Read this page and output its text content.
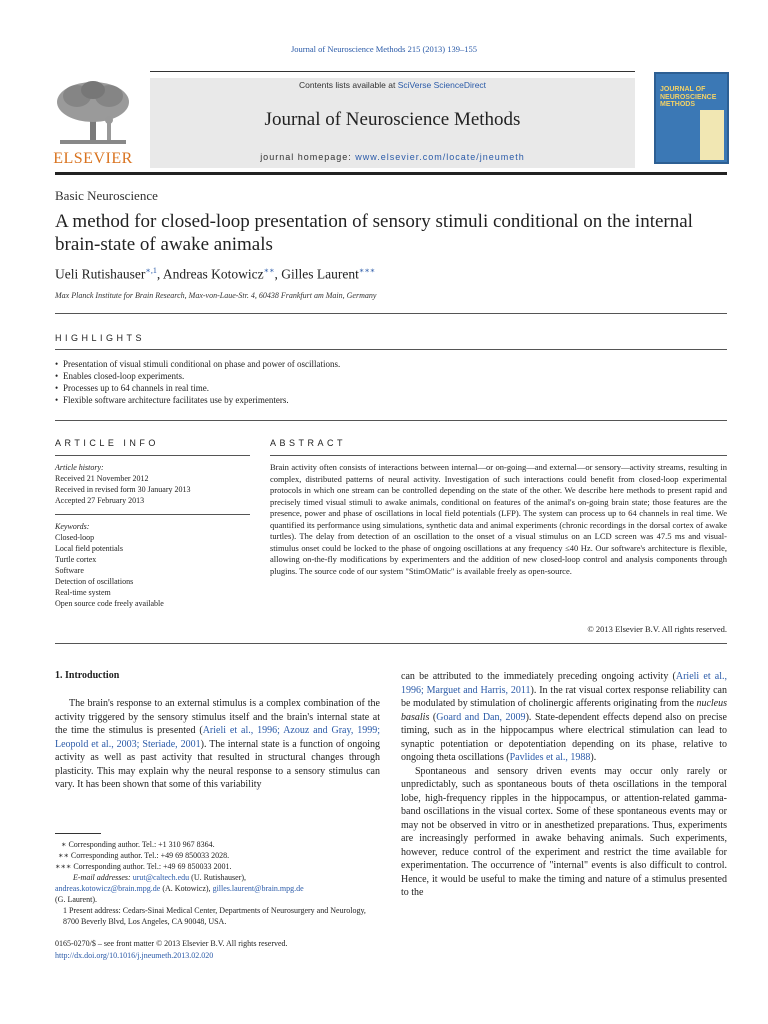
Journal of Neuroscience Methods 215 (2013) 139–155
ELSEVIER
Contents lists available at SciVerse ScienceDirect
Journal of Neuroscience Methods
journal homepage: www.elsevier.com/locate/jneumeth
JOURNAL OF NEUROSCIENCE METHODS
Basic Neuroscience
A method for closed-loop presentation of sensory stimuli conditional on the internal brain-state of awake animals
Ueli Rutishauser$^{∗,1}$, Andreas Kotowicz∗∗, Gilles Laurent∗∗∗
Max Planck Institute for Brain Research, Max-von-Laue-Str. 4, 60438 Frankfurt am Main, Germany
HIGHLIGHTS
• Presentation of visual stimuli conditional on phase and power of oscillations.
• Enables closed-loop experiments.
• Processes up to 64 channels in real time.
• Flexible software architecture facilitates use by experimenters.
ARTICLE INFO
Article history:
Received 21 November 2012
Received in revised form 30 January 2013
Accepted 27 February 2013
Keywords:
Closed-loop
Local field potentials
Turtle cortex
Software
Detection of oscillations
Real-time system
Open source code freely available
ABSTRACT
Brain activity often consists of interactions between internal—or on-going—and external—or sensory—activity streams, resulting in complex, distributed patterns of neural activity. Investigation of such interactions could benefit from closed-loop experimental protocols in which one stream can be controlled depending on the state of the other. We describe here methods to present rapid and precisely timed visual stimuli to awake animals, conditional on features of the animal's on-going brain state; those features are the presence, power and phase of oscillations in local field potentials (LFP). The system can process up to 64 channels in real time. We quantified its performance using simulations, synthetic data and animal experiments (chronic recordings in the dorsal cortex of awake turtles). The delay from detection of an oscillation to the onset of a visual stimulus on an LCD screen was 47.5 ms and visual-stimulus onset could be locked to the phase of ongoing oscillations at any frequency ≤40 Hz. Our software's architecture is flexible, allowing on-the-fly modifications by experimenters and the addition of new closed-loop control and analysis components through plugins. The source code of our system "StimOMatic" is available freely as open-source.
© 2013 Elsevier B.V. All rights reserved.
1. Introduction

The brain's response to an external stimulus is a complex combination of the activity triggered by the sensory stimulus itself and the brain's internal state at the time the stimulus is presented (Arieli et al., 1996; Azouz and Gray, 1999; Leopold et al., 2003; Steriade, 2001). The internal state is a function of ongoing activity as well as past activity that resulted in structural changes through plasticity. This may explain why the neural response to a sensory stimulus can vary. It has been shown that some of this variability

can be attributed to the immediately preceding ongoing activity (Arieli et al., 1996; Marguet and Harris, 2011). In the rat visual cortex response reliability can be modulated by stimulation of cholinergic afferents originating from the nucleus basalis (Goard and Dan, 2009). State-dependent effects depend also on precise timing, such as in the hippocampus where electrical stimulation can lead to synaptic potentiation or depotentiation depending on its phase, relative to ongoing theta oscillations (Pavlides et al., 1988).

Spontaneous and sensory driven events may occur only rarely or unpredictably, such as spontaneous bouts of theta oscillations in the temporal lobe, high-frequency ripples in the hippocampus, or attention-related gamma-band oscillations in the visual cortex. Some of these spontaneous events may or may not be observed in vitro or in anesthetized preparations. Thus, experiments are increasingly performed in awake behaving animals. Such experiments, however, reduce control of the experiment and restrict the time available for experimentation. The occurrence of "internal" events is also difficult to control. Hence, it would be useful to make the timing and nature of a stimulus presented to the

∗ Corresponding author. Tel.: +1 310 967 8364.
∗∗ Corresponding author. Tel.: +49 69 850033 2028.
∗∗∗ Corresponding author. Tel.: +49 69 850033 2001.
E-mail addresses: urut@caltech.edu (U. Rutishauser),
andreas.kotowicz@brain.mpg.de (A. Kotowicz), gilles.laurent@brain.mpg.de
(G. Laurent).
1 Present address: Cedars-Sinai Medical Center, Departments of Neurosurgery and Neurology, 8700 Beverly Blvd, Los Angeles, CA 90048, USA.
0165-0270/$ – see front matter © 2013 Elsevier B.V. All rights reserved.
http://dx.doi.org/10.1016/j.jneumeth.2013.02.020
